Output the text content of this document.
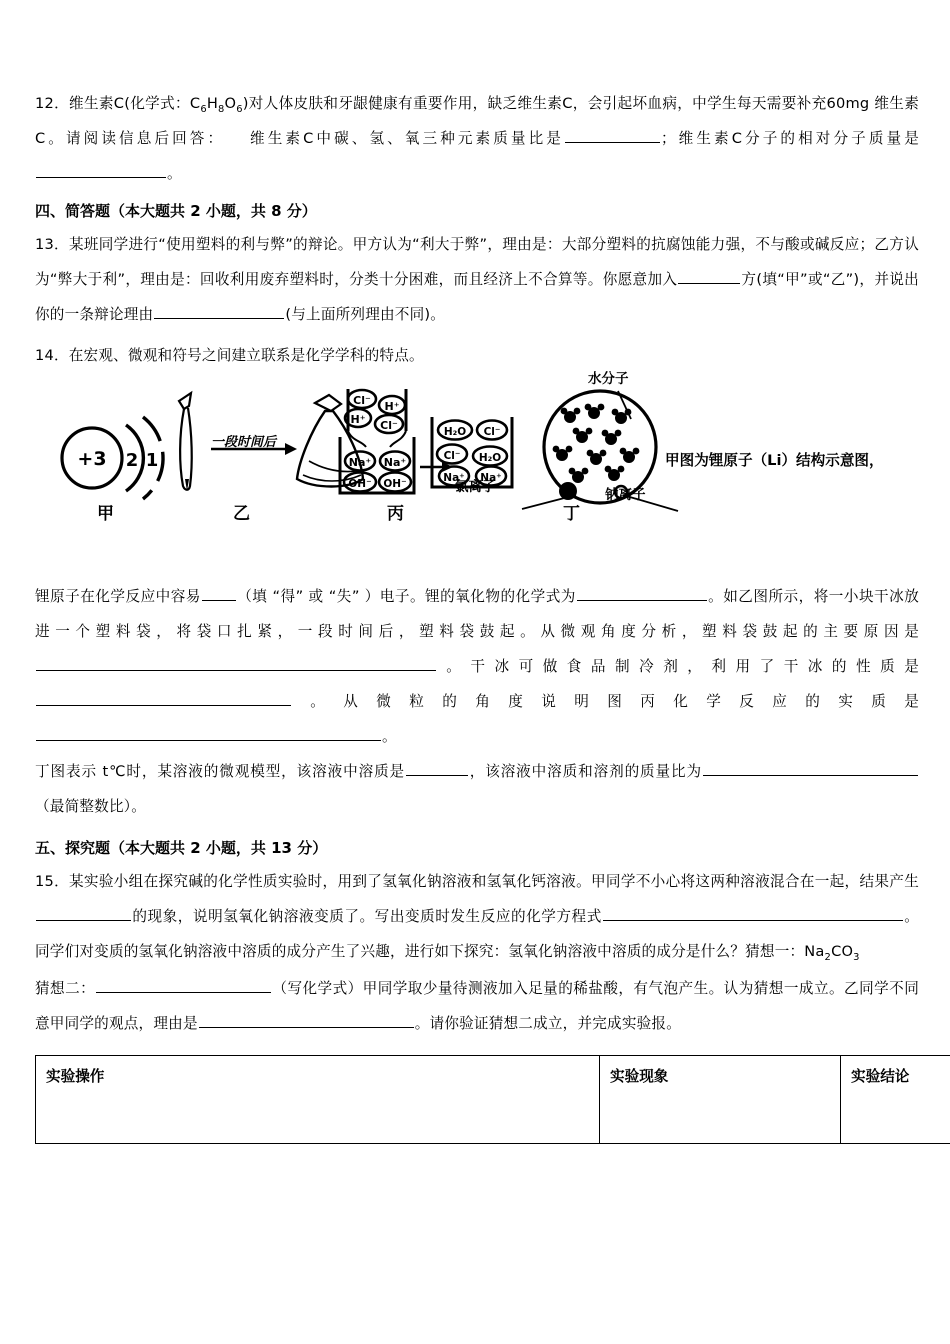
12．维生素C(化学式：$C_6H_8O_6$)对人体皮肤和牙龈健康有重要作用，缺乏维生素C，会引起坏血病，中学生每天需要补充60mg 维生素C。请阅读信息后回答： 维生素C中碳、氢、氧三种元素质量比是	；维生素C分子的相对分子质量是。

四、简答题（本大题共 2 小题，共 8 分）

13．某班同学进行“使用塑料的利与弊”的辩论。甲方认为“利大于弊”，理由是：大部分塑料的抗腐蚀能力强，不与酸或碱反应；乙方认为“弊大于利”，理由是：回收利用废弃塑料时，分类十分困难，而且经济上不合算等。你愿意加入	方(填“甲”或“乙”)，并说出你的一条辩论理由	(与上面所列理由不同)。

14．在宏观、微观和符号之间建立联系是化学学科的特点。

+3 2 1
甲
一段时间后
乙
Cl⁻ H⁺
H⁺ Cl⁻
Na⁺ Na⁺
OH⁻ OH⁻
H₂O Cl⁻
Cl⁻ H₂O
Na⁺ Na⁺
丙
水分子
氯离子	钠离子
丁
甲图为锂原子（Li）结构示意图，

锂原子在化学反应中容易 （填 “得” 或 “失” ）电子。锂的氧化物的化学式为	。如乙图所示，将一小块干冰放进一个塑料袋，将袋口扎紧，一段时间后，塑料袋鼓起。从微观角度分析，塑料袋鼓起的主要原因是。干冰可做食品制冷剂，利用了干冰的性质是。从微粒的角度说明图丙化学反应的实质是。

丁图表示 t℃时，某溶液的微观模型，该溶液中溶质是	，该溶液中溶质和溶剂的质量比为（最简整数比）。

五、探究题（本大题共 2 小题，共 13 分）

15．某实验小组在探究碱的化学性质实验时，用到了氢氧化钠溶液和氢氧化钙溶液。甲同学不小心将这两种溶液混合在一起，结果产生的现象，说明氢氧化钠溶液变质了。写出变质时发生反应的化学方程式	。同学们对变质的氢氧化钠溶液中溶质的成分产生了兴趣，进行如下探究：氢氧化钠溶液中溶质的成分是什么？猜想一：$Na_2CO_3$

猜想二：	（写化学式）甲同学取少量待测液加入足量的稀盐酸，有气泡产生。认为猜想一成立。乙同学不同意甲同学的观点，理由是	。请你验证猜想二成立，并完成实验报。

实验操作	实验现象	实验结论
